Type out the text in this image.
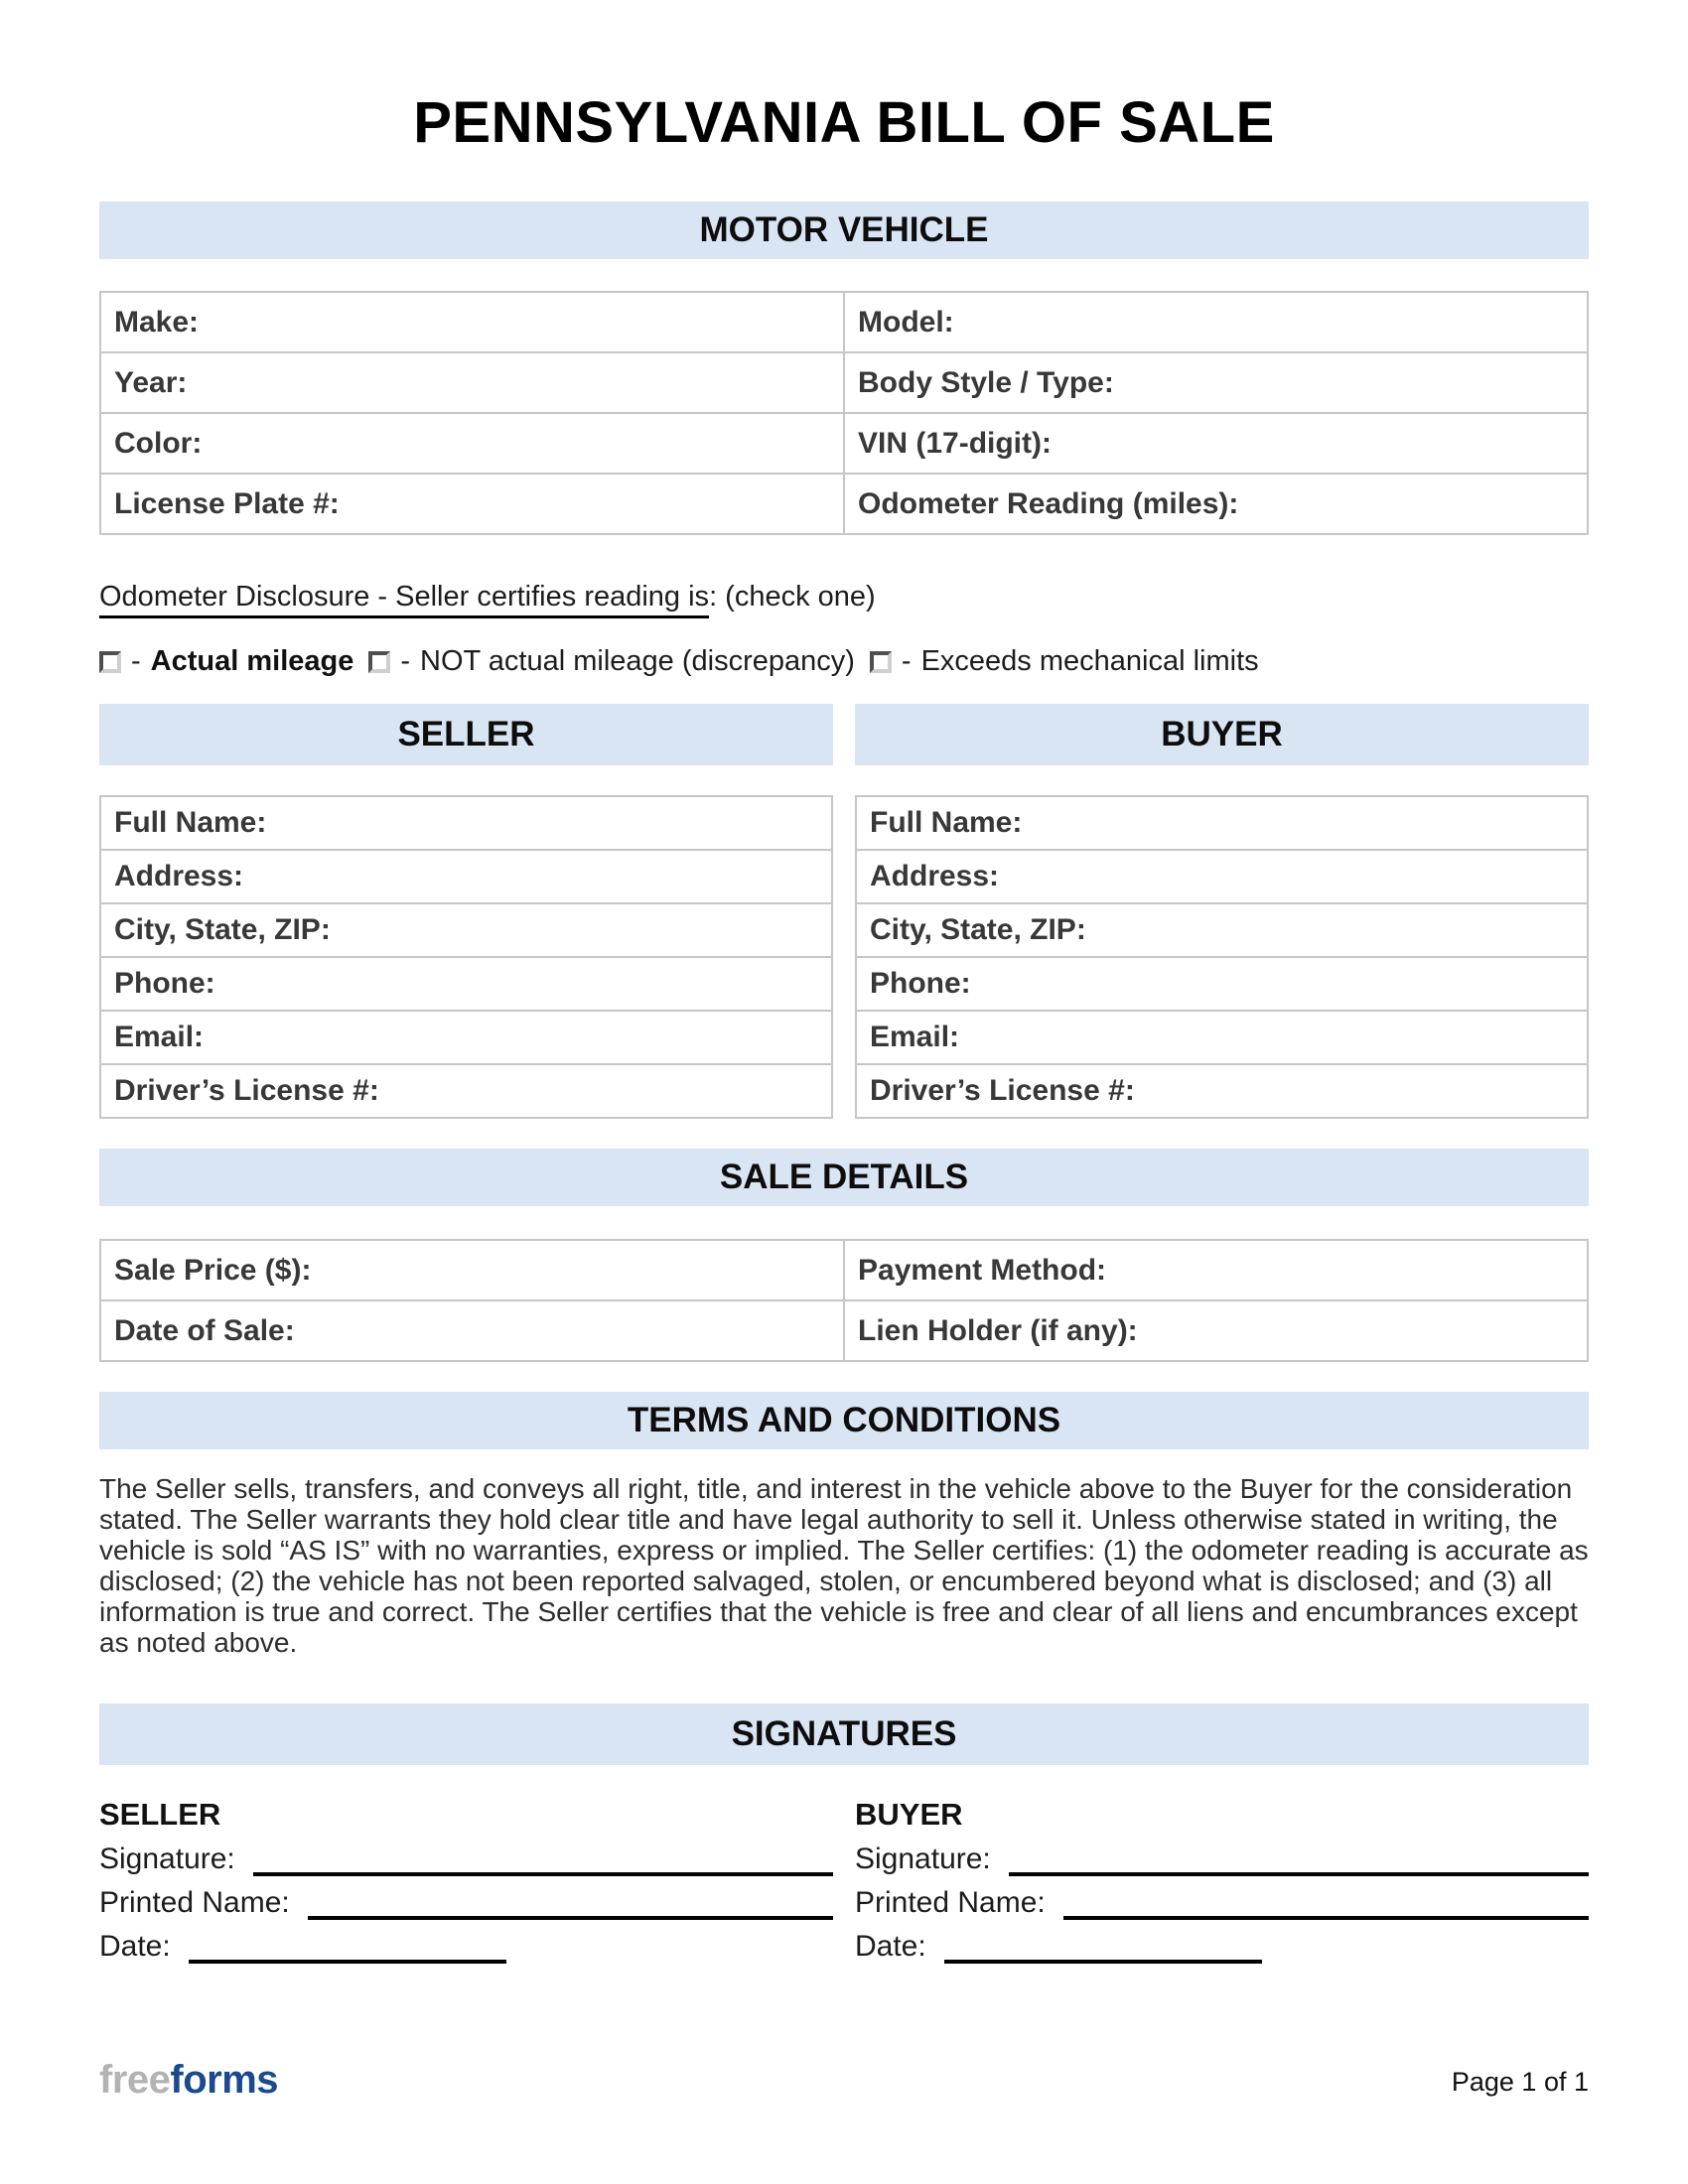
PENNSYLVANIA BILL OF SALE
MOTOR VEHICLE
Make:	Model:
Year:	Body Style / Type:
Color:	VIN (17-digit):
License Plate #:	Odometer Reading (miles):

Odometer Disclosure - Seller certifies reading is: (check one)

- Actual mileage - NOT actual mileage (discrepancy) - Exceeds mechanical limits
SELLER	BUYER
Full Name:
Address:
City, State, ZIP:
Phone:
Email:
Driver’s License #:
Full Name:
Address:
City, State, ZIP:
Phone:
Email:
Driver’s License #:
SALE DETAILS
Sale Price ($):	Payment Method:
Date of Sale:	Lien Holder (if any):
TERMS AND CONDITIONS

The Seller sells, transfers, and conveys all right, title, and interest in the vehicle above to the Buyer for the consideration stated. The Seller warrants they hold clear title and have legal authority to sell it. Unless otherwise stated in writing, the vehicle is sold “AS IS” with no warranties, express or implied. The Seller certifies: (1) the odometer reading is accurate as disclosed; (2) the vehicle has not been reported salvaged, stolen, or encumbered beyond what is disclosed; and (3) all information is true and correct. The Seller certifies that the vehicle is free and clear of all liens and encumbrances except as noted above.

SIGNATURES
SELLER
Signature:
Printed Name:
Date:
BUYER
Signature:
Printed Name:
Date:
freeforms	Page 1 of 1
